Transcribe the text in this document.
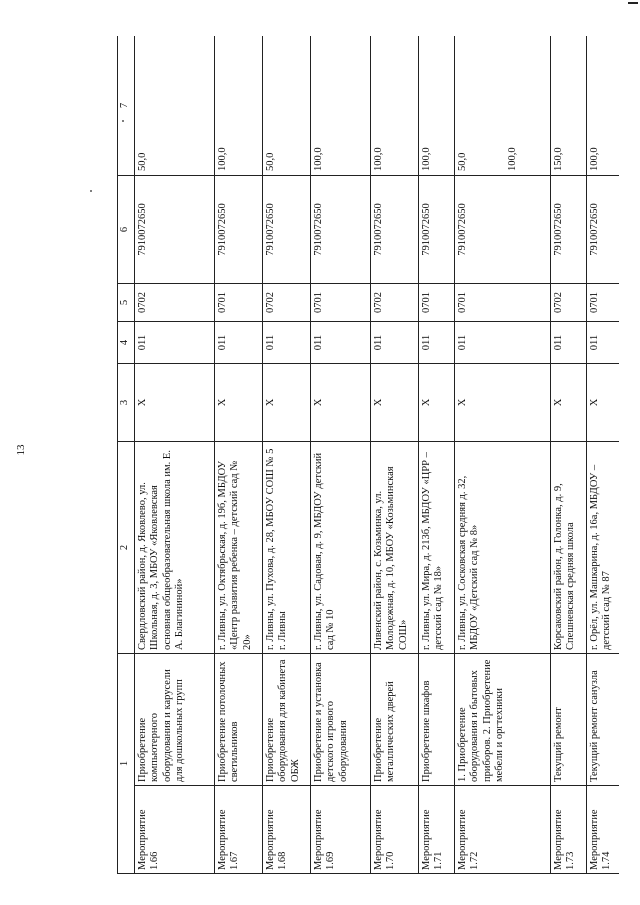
13
1		2	3	4	5	6	7
Мероприятие 1.66	Приобретение компьютерного оборудования и карусели для дошкольных групп	Свердловский район, д. Яковлево, ул. Школьная, д. 3, МБОУ «Яковлевская основная общеобразовательная школа им. Е. А. Благининой»	X	011	0702	7910072650	50,0
Мероприятие 1.67	Приобретение потолочных светильников	г. Ливны, ул. Октябрьская, д. 19б, МБДОУ «Центр развития ребенка – детский сад № 20»	X	011	0701	7910072650	100,0
Мероприятие 1.68	Приобретение оборудования для кабинета ОБЖ	г. Ливны, ул. Пухова, д. 28, МБОУ СОШ № 5 г. Ливны	X	011	0702	7910072650	50,0
Мероприятие 1.69	Приобретение и установка детского игрового оборудования	г. Ливны, ул. Садовая, д. 9, МБДОУ детский сад № 10	X	011	0701	7910072650	100,0
Мероприятие 1.70	Приобретение металлических дверей	Ливенский район, с. Козьминка, ул. Молодежная, д. 10, МБОУ «Козьминская СОШ»	X	011	0702	7910072650	100,0
Мероприятие 1.71	Приобретение шкафов	г. Ливны, ул. Мира, д. 213б, МБДОУ «ЦРР – детский сад № 18»	X	011	0701	7910072650	100,0
Мероприятие 1.72	1. Приобретение оборудования и бытовых приборов. 2. Приобретение мебели и оргтехники	г. Ливны, ул. Сосковская средняя д. 32, МБДОУ «Детский сад № 8»	X	011	0701	7910072650	50,0 100,0

Мероприятие 1.73	Текущий ремонт	Корсаковский район, д. Голонка, д. 9, Спешневская средняя школа	X	011	0702	7910072650	150,0
Мероприятие 1.74	Текущий ремонт санузла	г. Орёл, ул. Машкарина, д. 16а, МБДОУ – детский сад № 87	X	011	0701	7910072650	100,0
